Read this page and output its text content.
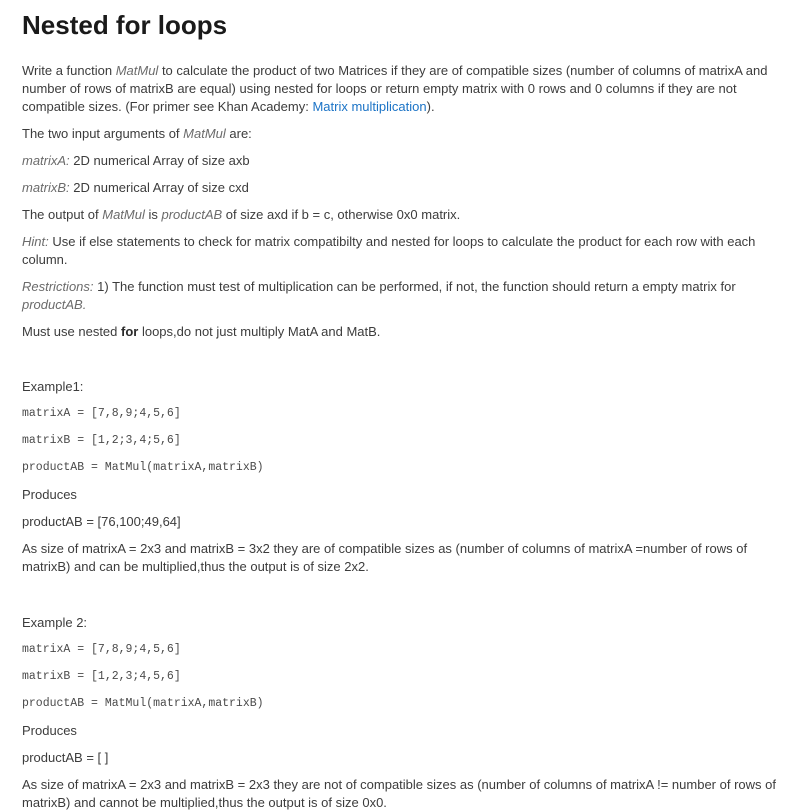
Nested for loops

Write a function MatMul to calculate the product of two Matrices if they are of compatible sizes (number of columns of matrixA and number of rows of matrixB are equal) using nested for loops or return empty matrix with 0 rows and 0 columns if they are not compatible sizes. (For primer see Khan Academy: Matrix multiplication).

The two input arguments of MatMul are:

matrixA: 2D numerical Array of size axb

matrixB: 2D numerical Array of size cxd

The output of MatMul is productAB of size axd if b = c, otherwise 0x0 matrix.

Hint: Use if else statements to check for matrix compatibilty and nested for loops to calculate the product for each row with each column.

Restrictions: 1) The function must test of multiplication can be performed, if not, the function should return a empty matrix for productAB.

Must use nested for loops,do not just multiply MatA and MatB.

Example1:

matrixA = [7,8,9;4,5,6]

matrixB = [1,2;3,4;5,6]

productAB = MatMul(matrixA,matrixB)

Produces

productAB = [76,100;49,64]

As size of matrixA = 2x3 and matrixB = 3x2 they are of compatible sizes as (number of columns of matrixA =number of rows of matrixB) and can be multiplied,thus the output is of size 2x2.

Example 2:

matrixA = [7,8,9;4,5,6]

matrixB = [1,2,3;4,5,6]

productAB = MatMul(matrixA,matrixB)

Produces

productAB = [ ]

As size of matrixA = 2x3 and matrixB = 2x3 they are not of compatible sizes as (number of columns of matrixA != number of rows of matrixB) and cannot be multiplied,thus the output is of size 0x0.
